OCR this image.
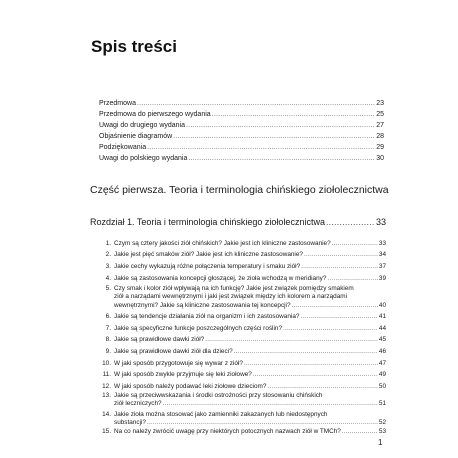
Spis treści
Przedmowa .....	23
Przedmowa do pierwszego wydania .....	25
Uwagi do drugiego wydania .....	27
Objaśnienie diagramów .....	28
Podziękowania .....	29
Uwagi do polskiego wydania .....	30
Część pierwsza. Teoria i terminologia chińskiego ziołolecznictwa
Rozdział 1. Teoria i terminologia chińskiego ziołolecznictwa .....	33
1. Czym są cztery jakości ziół chińskich? Jakie jest ich kliniczne zastosowanie? .....	33
2. Jakie jest pięć smaków ziół? Jakie jest ich kliniczne zastosowanie? .....	34
3. Jakie cechy wykazują różne połączenia temperatury i smaku ziół? .....	37
4. Jakie są zastosowania koncepcji głoszącej, że zioła wchodzą w meridiany? .....	39
5. Czy smak i kolor ziół wpływają na ich funkcję? Jakie jest związek pomiędzy smakiem
ziół a narządami wewnętrznymi i jaki jest związek między ich kolorem a narządami
wewnętrznymi? Jakie są kliniczne zastosowania tej koncepcji? .....	40
6. Jakie są tendencje działania ziół na organizm i ich zastosowania? .....	41
7. Jakie są specyficzne funkcje poszczególnych części roślin? .....	44
8. Jakie są prawidłowe dawki ziół? .....	45
9. Jakie są prawidłowe dawki ziół dla dzieci? .....	46
10. W jaki sposób przygotowuje się wywar z ziół? .....	47
11. W jaki sposób zwykle przyjmuje się leki ziołowe? .....	49
12. W jaki sposób należy podawać leki ziołowe dzieciom? .....	50
13. Jakie są przeciwwskazania i środki ostrożności przy stosowaniu chińskich
ziół leczniczych? .....	51
14. Jakie zioła można stosować jako zamienniki zakazanych lub niedostępnych
substancji? .....	52
15. Na co należy zwrócić uwagę przy niektórych potocznych nazwach ziół w TMCh? .....	53
1
